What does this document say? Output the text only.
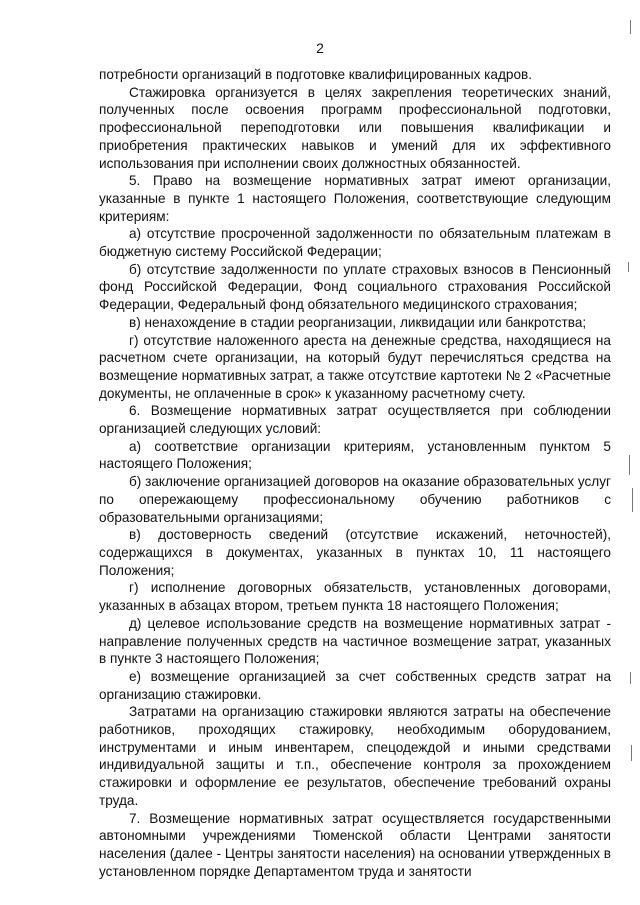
2

потребности организаций в подготовке квалифицированных кадров.

Стажировка организуется в целях закрепления теоретических знаний, полученных после освоения программ профессиональной подготовки, профессиональной переподготовки или повышения квалификации и приобретения практических навыков и умений для их эффективного использования при исполнении своих должностных обязанностей.

5. Право на возмещение нормативных затрат имеют организации, указанные в пункте 1 настоящего Положения, соответствующие следующим критериям:

а) отсутствие просроченной задолженности по обязательным платежам в бюджетную систему Российской Федерации;

б) отсутствие задолженности по уплате страховых взносов в Пенсионный фонд Российской Федерации, Фонд социального страхования Российской Федерации, Федеральный фонд обязательного медицинского страхования;

в) ненахождение в стадии реорганизации, ликвидации или банкротства;

г) отсутствие наложенного ареста на денежные средства, находящиеся на расчетном счете организации, на который будут перечисляться средства на возмещение нормативных затрат, а также отсутствие картотеки № 2 «Расчетные документы, не оплаченные в срок» к указанному расчетному счету.

6. Возмещение нормативных затрат осуществляется при соблюдении организацией следующих условий:

а) соответствие организации критериям, установленным пунктом 5 настоящего Положения;

б) заключение организацией договоров на оказание образовательных услуг по опережающему профессиональному обучению работников с образовательными организациями;

в) достоверность сведений (отсутствие искажений, неточностей), содержащихся в документах, указанных в пунктах 10, 11 настоящего Положения;

г) исполнение договорных обязательств, установленных договорами, указанных в абзацах втором, третьем пункта 18 настоящего Положения;

д) целевое использование средств на возмещение нормативных затрат - направление полученных средств на частичное возмещение затрат, указанных в пункте 3 настоящего Положения;

е) возмещение организацией за счет собственных средств затрат на организацию стажировки.

Затратами на организацию стажировки являются затраты на обеспечение работников, проходящих стажировку, необходимым оборудованием, инструментами и иным инвентарем, спецодеждой и иными средствами индивидуальной защиты и т.п., обеспечение контроля за прохождением стажировки и оформление ее результатов, обеспечение требований охраны труда.

7. Возмещение нормативных затрат осуществляется государственными автономными учреждениями Тюменской области Центрами занятости населения (далее - Центры занятости населения) на основании утвержденных в установленном порядке Департаментом труда и занятости
